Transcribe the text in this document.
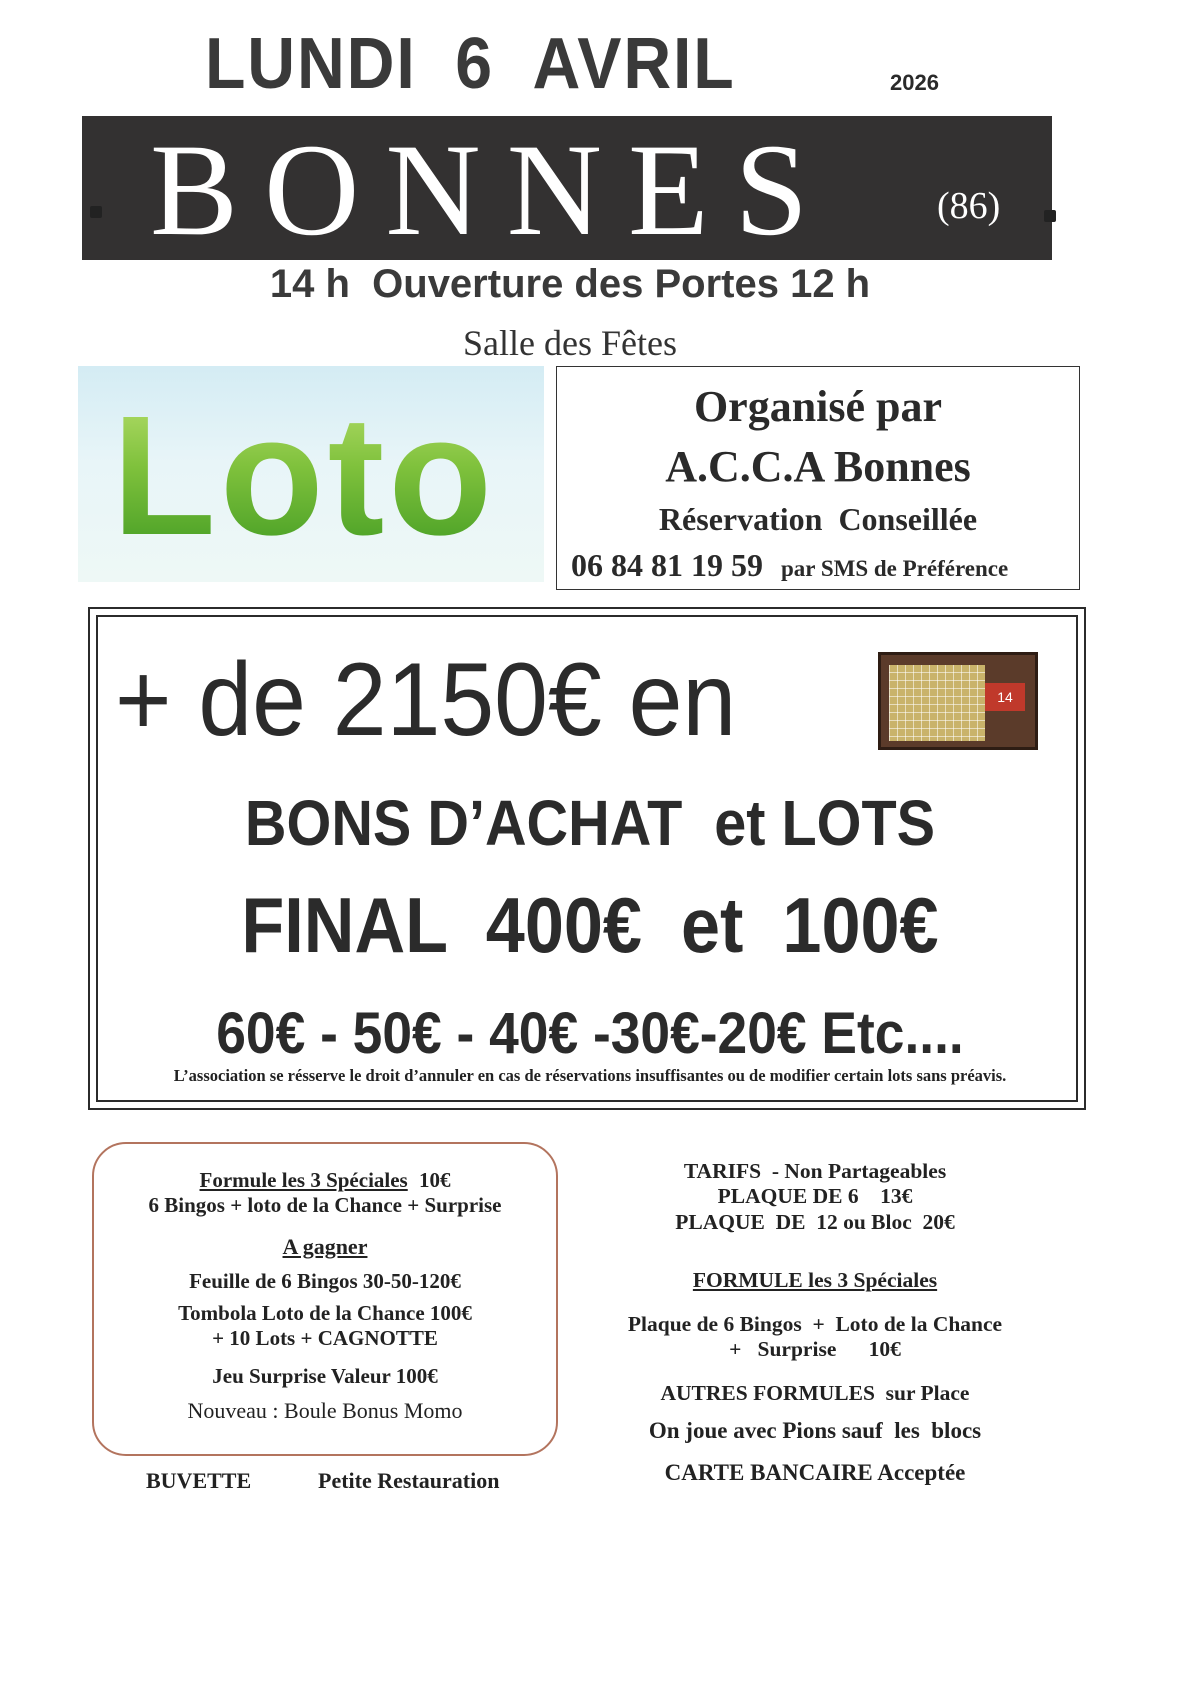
LUNDI 6 AVRIL	2026
BONNES	(86)
14 h  Ouverture des Portes 12 h
Salle des Fêtes
Loto	Organisé par
A.C.C.A Bonnes
Réservation  Conseillée
06 84 81 19 59 par SMS de Préférence
+ de 2150€ en	14
BONS D’ACHAT  et LOTS
FINAL  400€  et  100€
60€ - 50€ - 40€ -30€-20€ Etc....
L’association se résserve le droit d’annuler en cas de réservations insuffisantes ou de modifier certain lots sans préavis.
Formule les 3 Spéciales 10€
6 Bingos + loto de la Chance + Surprise
A gagner
Feuille de 6 Bingos 30-50-120€
Tombola Loto de la Chance 100€
+ 10 Lots + CAGNOTTE
Jeu Surprise Valeur 100€
Nouveau : Boule Bonus Momo
TARIFS  - Non Partageables
PLAQUE DE 6    13€
PLAQUE  DE  12 ou Bloc  20€
FORMULE les 3 Spéciales
Plaque de 6 Bingos  +  Loto de la Chance
+   Surprise      10€
AUTRES FORMULES  sur Place
On joue avec Pions sauf  les  blocs
CARTE BANCAIRE Acceptée
BUVETTE	Petite Restauration
